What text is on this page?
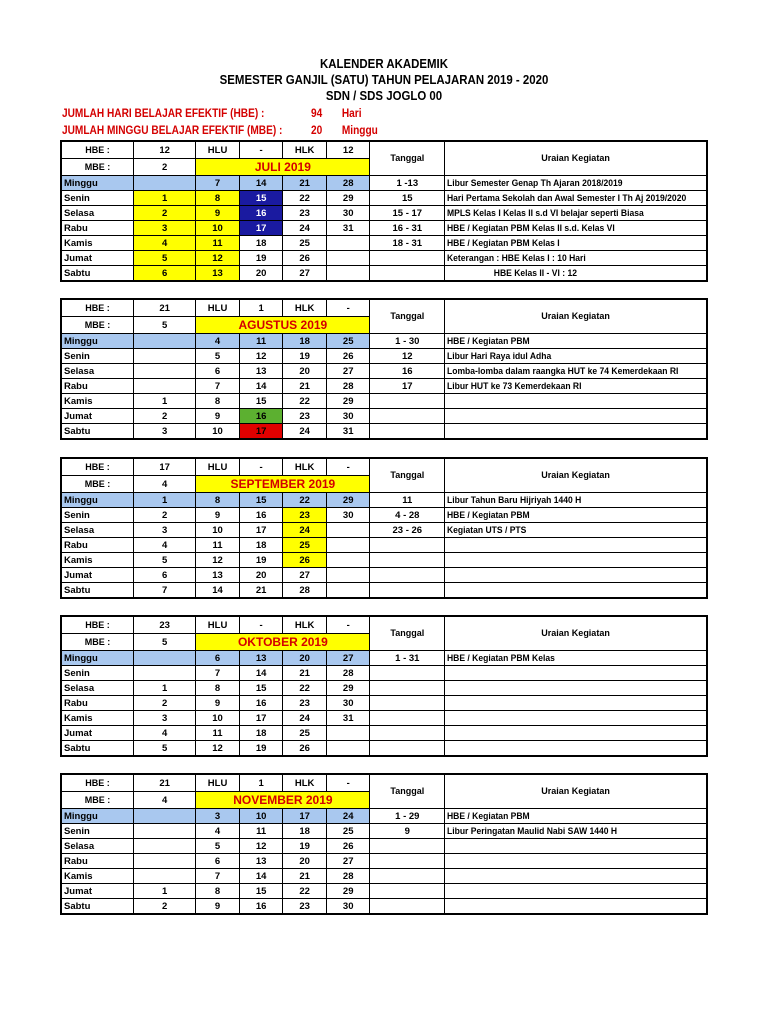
KALENDER AKADEMIK
SEMESTER GANJIL (SATU) TAHUN PELAJARAN 2019 - 2020
SDN / SDS JOGLO 00
JUMLAH HARI BELAJAR EFEKTIF (HBE) :	94 Hari
JUMLAH MINGGU BELAJAR EFEKTIF (MBE) : 20 Minggu
HBE :	12	HLU	-	HLK	12	Tanggal	Uraian Kegiatan
MBE :	2	JULI 2019					
Minggu		7	14	21	28	1 -13	Libur Semester Genap Th Ajaran 2018/2019
Senin	1	8	15	22	29	15	Hari Pertama Sekolah dan Awal Semester I Th Aj 2019/2020
Selasa	2	9	16	23	30	15 - 17	MPLS Kelas I Kelas II s.d VI belajar seperti Biasa
Rabu	3	10	17	24	31	16 - 31	HBE / Kegiatan PBM Kelas II s.d. Kelas VI
Kamis	4	11	18	25		18 - 31	HBE / Kegiatan PBM Kelas I
Jumat	5	12	19	26			Keterangan : HBE Kelas I : 10 Hari
Sabtu	6	13	20	27			HBE Kelas II - VI : 12
HBE :	21	HLU	1	HLK	-	Tanggal	Uraian Kegiatan
MBE :	5	AGUSTUS 2019					
Minggu		4	11	18	25	1 - 30	HBE / Kegiatan PBM
Senin		5	12	19	26	12	Libur Hari Raya idul Adha
Selasa		6	13	20	27	16	Lomba-lomba dalam raangka HUT ke 74 Kemerdekaan RI
Rabu		7	14	21	28	17	Libur HUT ke 73 Kemerdekaan RI
Kamis	1	8	15	22	29		
Jumat	2	9	16	23	30		
Sabtu	3	10	17	24	31		
HBE :	17	HLU	-	HLK	-	Tanggal	Uraian Kegiatan
MBE :	4	SEPTEMBER 2019					
Minggu	1	8	15	22	29	11	Libur Tahun Baru Hijriyah 1440 H
Senin	2	9	16	23	30	4 - 28	HBE / Kegiatan PBM
Selasa	3	10	17	24		23 - 26	Kegiatan UTS / PTS
Rabu	4	11	18	25			
Kamis	5	12	19	26			
Jumat	6	13	20	27			
Sabtu	7	14	21	28			
HBE :	23	HLU	-	HLK	-	Tanggal	Uraian Kegiatan
MBE :	5	OKTOBER 2019					
Minggu		6	13	20	27	1 - 31	HBE / Kegiatan PBM Kelas
Senin		7	14	21	28		
Selasa	1	8	15	22	29		
Rabu	2	9	16	23	30		
Kamis	3	10	17	24	31		
Jumat	4	11	18	25			
Sabtu	5	12	19	26			
HBE :	21	HLU	1	HLK	-	Tanggal	Uraian Kegiatan
MBE :	4	NOVEMBER 2019					
Minggu		3	10	17	24	1 - 29	HBE / Kegiatan PBM
Senin		4	11	18	25	9	Libur Peringatan Maulid Nabi SAW 1440 H
Selasa		5	12	19	26		
Rabu		6	13	20	27		
Kamis		7	14	21	28		
Jumat	1	8	15	22	29		
Sabtu	2	9	16	23	30		
